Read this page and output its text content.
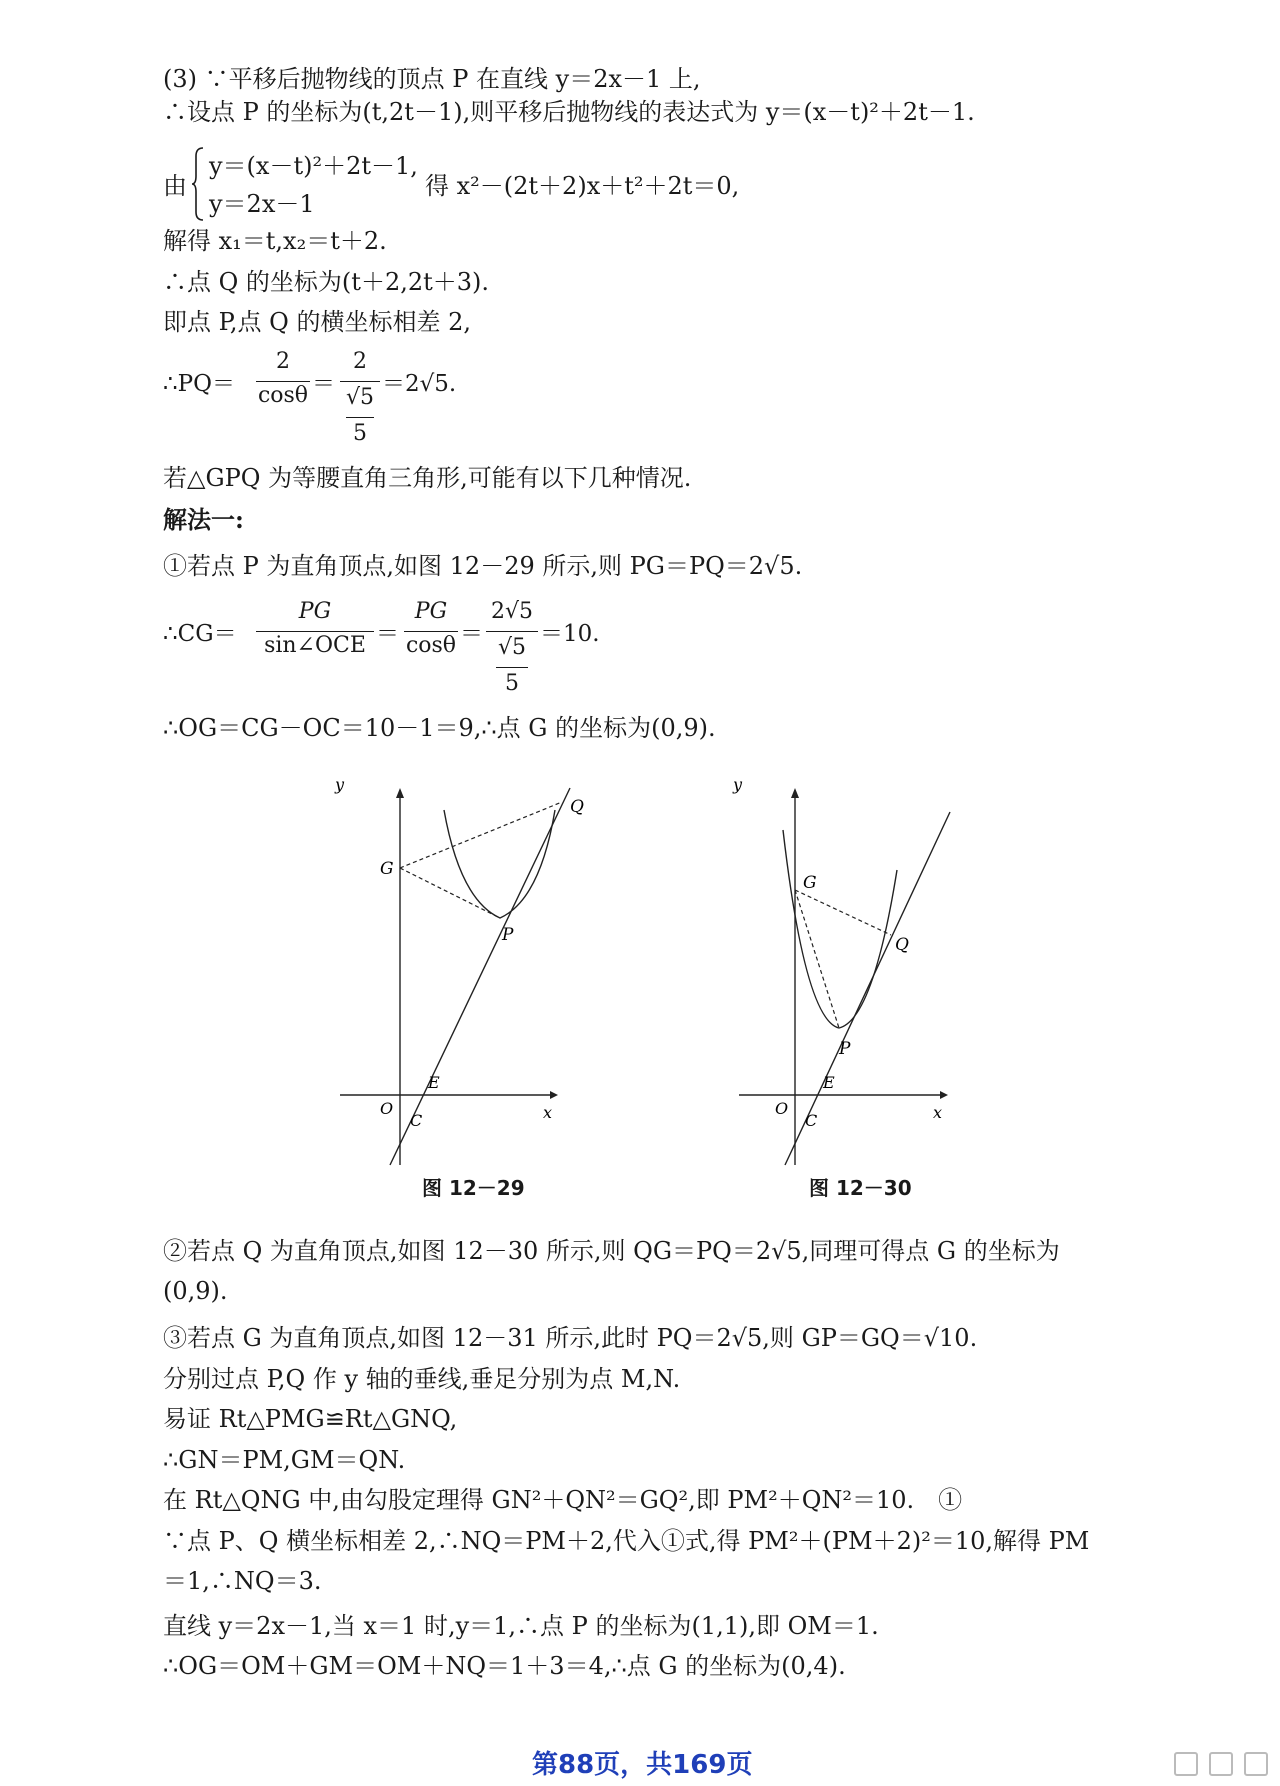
(3) ∵平移后抛物线的顶点 P 在直线 y＝2x－1 上,
∴设点 P 的坐标为(t,2t－1),则平移后抛物线的表达式为 y＝(x－t)²＋2t－1.
由
y＝(x－t)²＋2t－1,
y＝2x－1
得 x²－(2t＋2)x＋t²＋2t＝0,
解得 x₁＝t,x₂＝t＋2.
∴点 Q 的坐标为(t＋2,2t＋3).
即点 P,点 Q 的横坐标相差 2,
∴PQ＝
2
cosθ ＝
2
√5
5
＝2√5.
若△GPQ 为等腰直角三角形,可能有以下几种情况.
解法一:
①若点 P 为直角顶点,如图 12－29 所示,则 PG＝PQ＝2√5.
∴CG＝
PG
sin∠OCE ＝
PG
cosθ ＝
2√5
√5
5
＝10.
∴OG＝CG－OC＝10－1＝9,∴点 G 的坐标为(0,9).
y
x
G
Q
P
E
O
C
图 12－29
y
x
G
Q
P
E
O
C
图 12－30
②若点 Q 为直角顶点,如图 12－30 所示,则 QG＝PQ＝2√5,同理可得点 G 的坐标为
(0,9).
③若点 G 为直角顶点,如图 12－31 所示,此时 PQ＝2√5,则 GP＝GQ＝√10.
分别过点 P,Q 作 y 轴的垂线,垂足分别为点 M,N.
易证 Rt△PMG≌Rt△GNQ,
∴GN＝PM,GM＝QN.
在 Rt△QNG 中,由勾股定理得 GN²＋QN²＝GQ²,即 PM²＋QN²＝10.　①
∵点 P、Q 横坐标相差 2,∴NQ＝PM＋2,代入①式,得 PM²＋(PM＋2)²＝10,解得 PM
＝1,∴NQ＝3.
直线 y＝2x－1,当 x＝1 时,y＝1,∴点 P 的坐标为(1,1),即 OM＝1.
∴OG＝OM＋GM＝OM＋NQ＝1＋3＝4,∴点 G 的坐标为(0,4).
第88页，共169页
